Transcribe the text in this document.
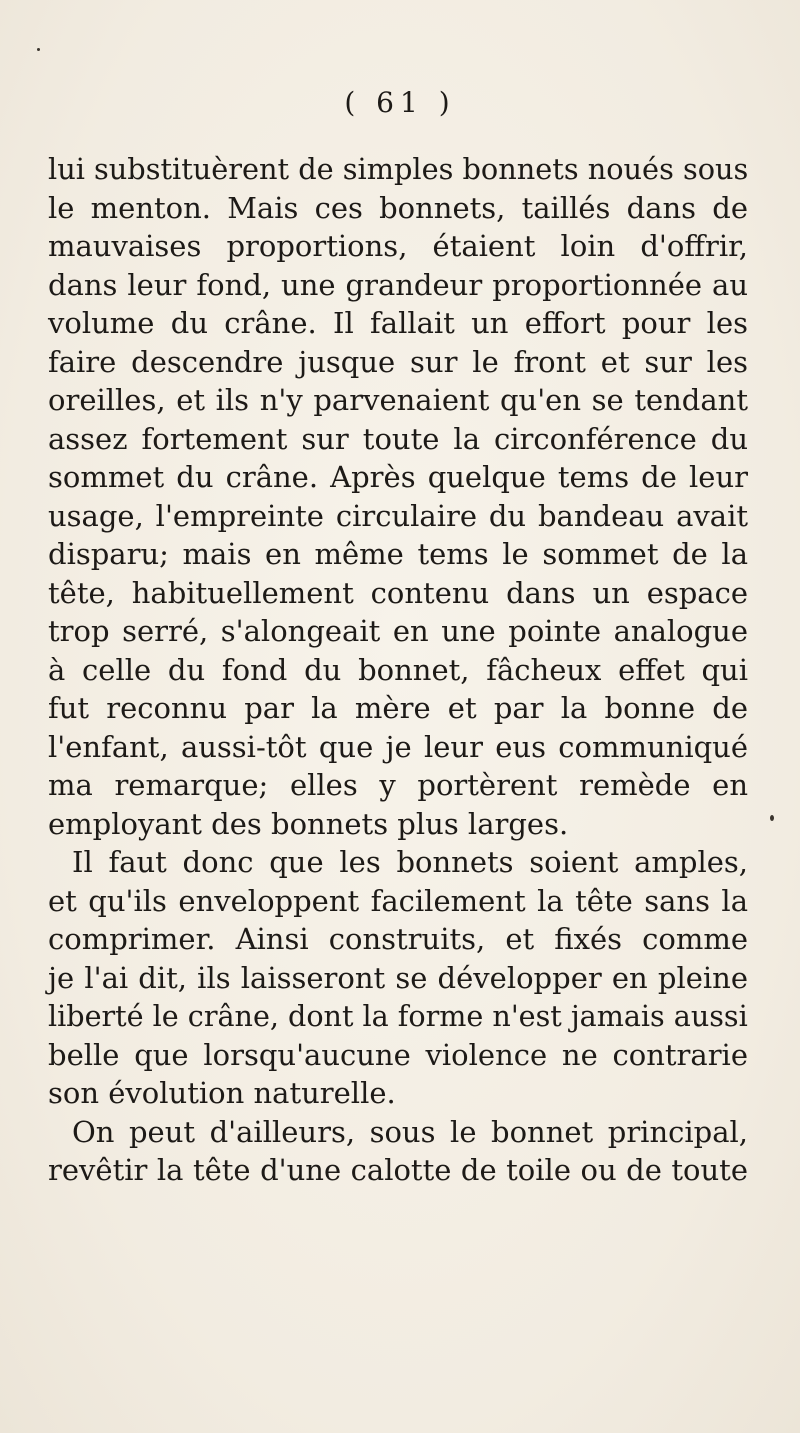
( 61 )

lui substituèrent de simples bonnets noués sous
le menton. Mais ces bonnets, taillés dans de
mauvaises proportions, étaient loin d'offrir,
dans leur fond, une grandeur proportionnée au
volume du crâne. Il fallait un effort pour les
faire descendre jusque sur le front et sur les
oreilles, et ils n'y parvenaient qu'en se tendant
assez fortement sur toute la circonférence du
sommet du crâne. Après quelque tems de leur
usage, l'empreinte circulaire du bandeau avait
disparu; mais en même tems le sommet de la
tête, habituellement contenu dans un espace
trop serré, s'alongeait en une pointe analogue
à celle du fond du bonnet, fâcheux effet qui
fut reconnu par la mère et par la bonne de
l'enfant, aussi-tôt que je leur eus communiqué
ma remarque; elles y portèrent remède en
employant des bonnets plus larges.

Il faut donc que les bonnets soient amples,
et qu'ils enveloppent facilement la tête sans la
comprimer. Ainsi construits, et fixés comme
je l'ai dit, ils laisseront se développer en pleine
liberté le crâne, dont la forme n'est jamais aussi
belle que lorsqu'aucune violence ne contrarie
son évolution naturelle.

On peut d'ailleurs, sous le bonnet principal,
revêtir la tête d'une calotte de toile ou de toute
